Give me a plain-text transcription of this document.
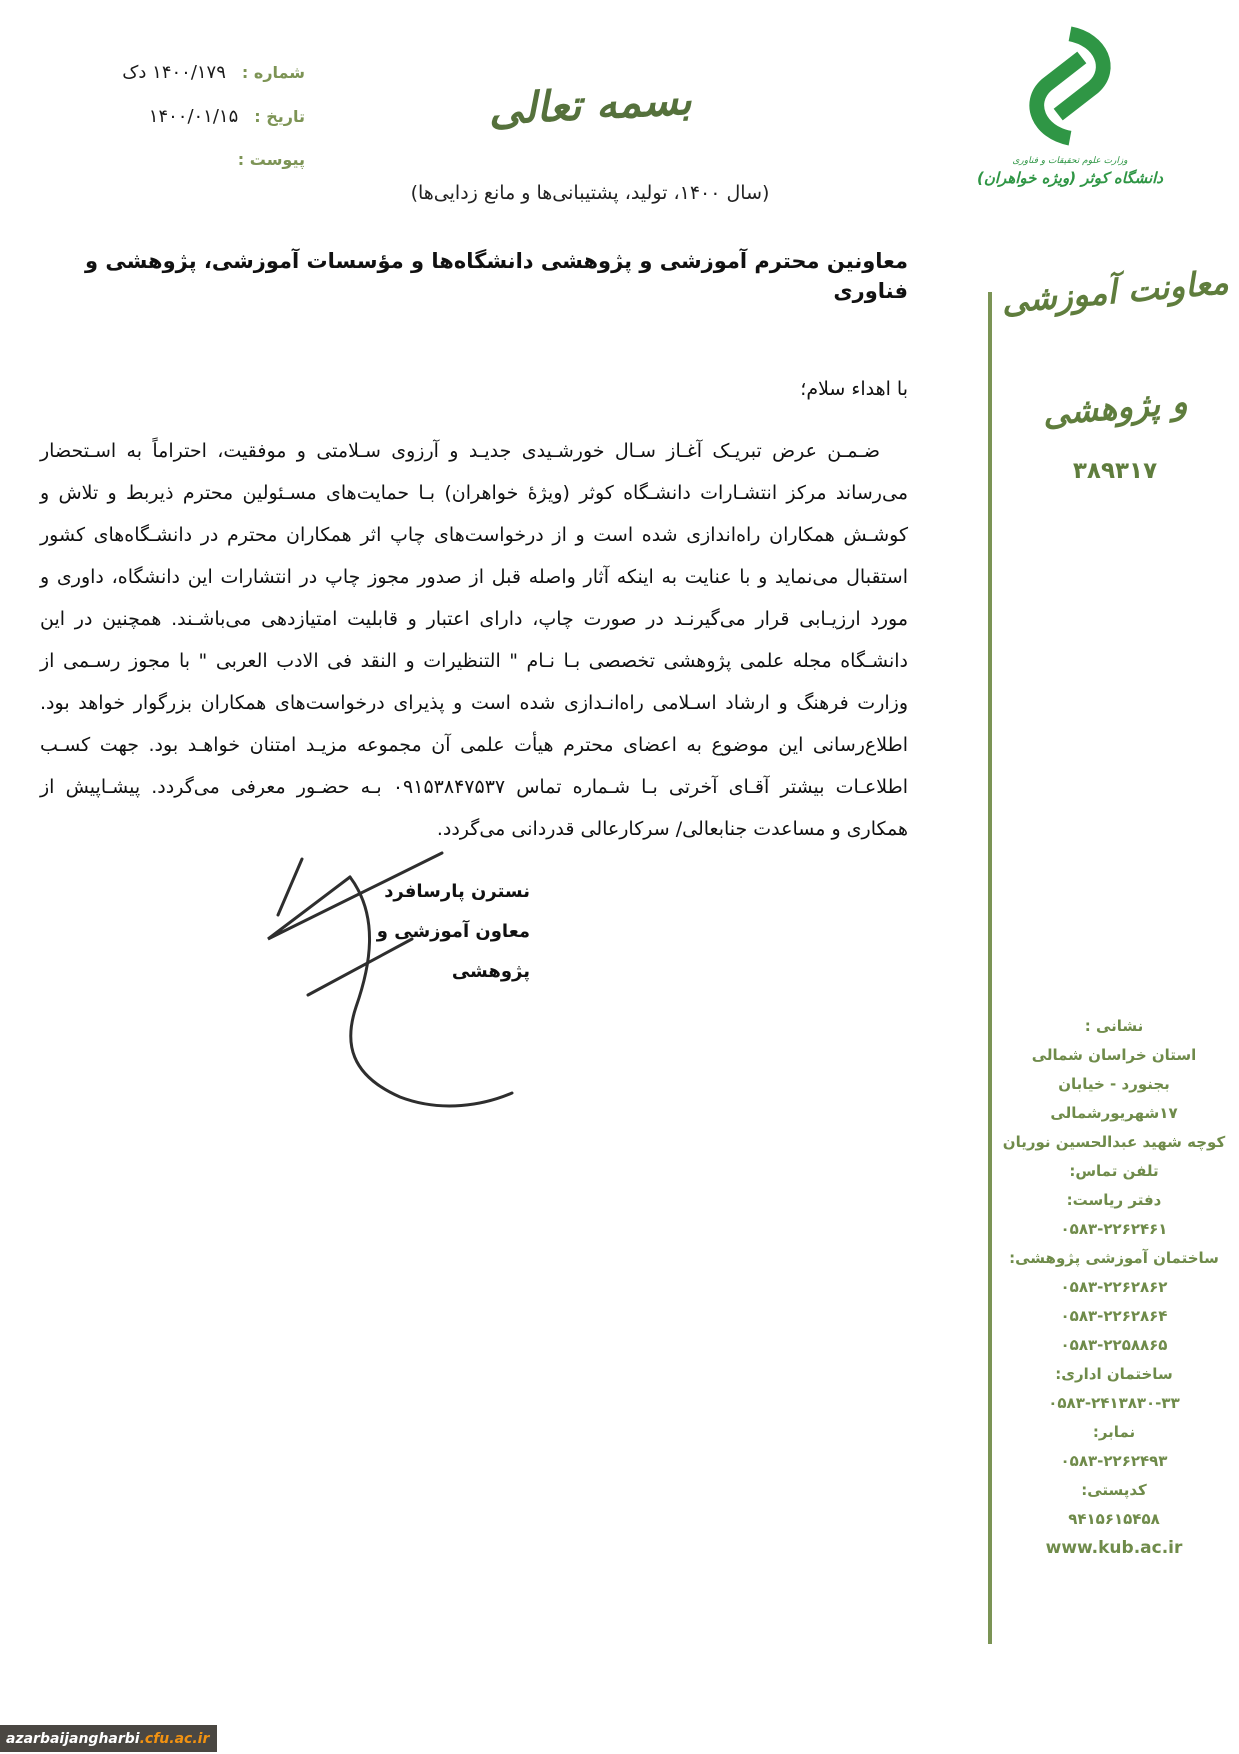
شماره :
۱۴۰۰/۱۷۹ دک
تاریخ :
۱۴۰۰/۰۱/۱۵
پیوست :
بسمه تعالی
(سال ۱۴۰۰، تولید، پشتیبانی‌ها و مانع زدایی‌ها)
وزارت علوم تحقیقات و فناوری
دانشگاه کوثر (ویژه خواهران)
معاونت آموزشی
و پژوهشی
۳۸۹۳۱۷
نشانی :
استان خراسان شمالی
بجنورد - خیابان
۱۷شهریورشمالی
کوچه شهید عبدالحسین نوریان
تلفن تماس:
دفتر ریاست:
۰۵۸۳-۲۲۶۲۴۶۱
ساختمان آموزشی پژوهشی:
۰۵۸۳-۲۲۶۲۸۶۲
۰۵۸۳-۲۲۶۲۸۶۴
۰۵۸۳-۲۲۵۸۸۶۵
ساختمان اداری:
۰۵۸۳-۲۴۱۳۸۳۰-۳۳
نمابر:
۰۵۸۳-۲۲۶۲۴۹۳
کدپستی:
۹۴۱۵۶۱۵۴۵۸
www.kub.ac.ir
معاونین محترم آموزشی و پژوهشی دانشگاه‌ها و مؤسسات آموزشی، پژوهشی و فناوری
با اهداء سلام؛
ضـمـن عرض تبریـک آغـاز سـال خورشـیدی جدیـد و آرزوی سـلامتی و موفقیت، احتراماً به اسـتحضار می‌رساند مرکز انتشـارات دانشـگاه کوثر (ویژهٔ خواهران) بـا حمایت‌های مسـئولین محترم ذیربط و تلاش و کوشـش همکاران راه‌اندازی شده است و از درخواست‌های چاپ اثر همکاران محترم در دانشـگاه‌های کشور استقبال می‌نماید و با عنایت به اینکه آثار واصله قبل از صدور مجوز چاپ در انتشارات این دانشگاه، داوری و مورد ارزیـابی قرار می‌گیرنـد در صورت چاپ، دارای اعتبار و قابلیت امتیازدهی می‌باشـند. همچنین در این دانشـگاه مجله علمی پژوهشی تخصصی بـا نـام " التنظیرات و النقد فی الادب العربی " با مجوز رسـمی از وزارت فرهنگ و ارشاد اسـلامی راه‌انـدازی شده است و پذیرای درخواست‌های همکاران بزرگوار خواهد بود. اطلاع‌رسانی این موضوع به اعضای محترم هیأت علمی آن مجموعه مزیـد امتنان خواهـد بود. جهت کسـب اطلاعـات بیشتر آقـای آخرتی بـا شـماره تماس ۰۹۱۵۳۸۴۷۵۳۷ بـه حضـور معرفی می‌گردد. پیشـاپیش از همکاری و مساعدت جنابعالی/ سرکارعالی قدردانی می‌گردد.
نسترن پارسافرد
معاون آموزشی و پژوهشی
azarbaijangharbi .cfu.ac.ir
